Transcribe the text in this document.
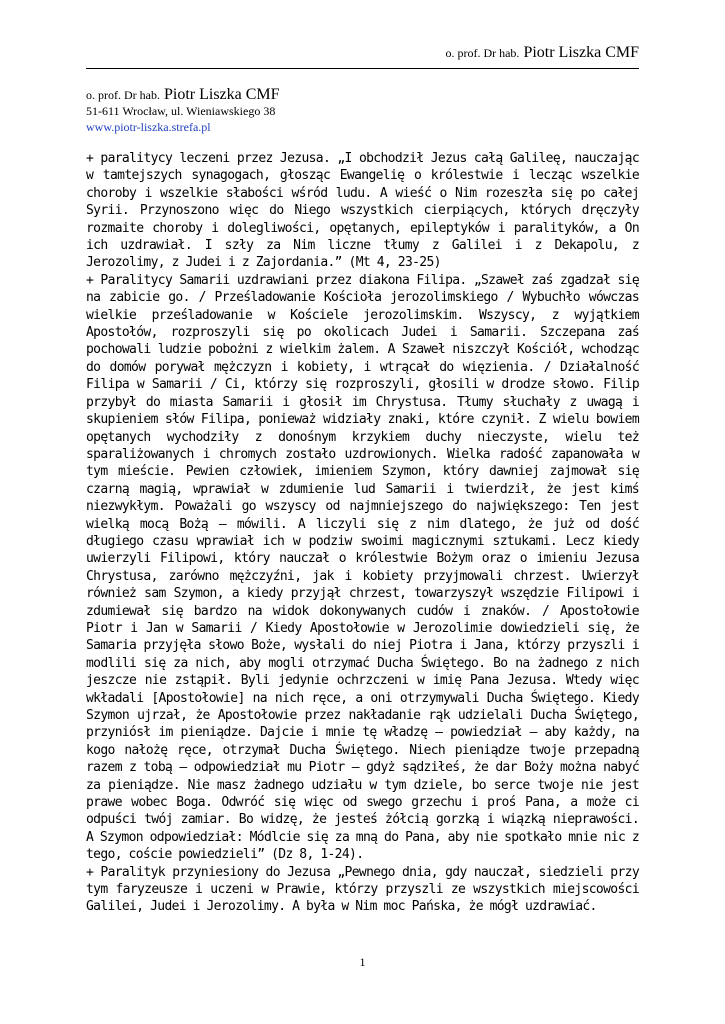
o. prof. Dr hab. Piotr Liszka CMF
o. prof. Dr hab. Piotr Liszka CMF
51-611 Wrocław, ul. Wieniawskiego 38
www.piotr-liszka.strefa.pl

+ paralitycy leczeni przez Jezusa. „I obchodził Jezus całą Galileę, nauczając w tamtejszych synagogach, głosząc Ewangelię o królestwie i lecząc wszelkie choroby i wszelkie słabości wśród ludu. A wieść o Nim rozeszła się po całej Syrii. Przynoszono więc do Niego wszystkich cierpiących, których dręczyły rozmaite choroby i dolegliwości, opętanych, epileptyków i paralityków, a On ich uzdrawiał. I szły za Nim liczne tłumy z Galilei i z Dekapolu, z Jerozolimy, z Judei i z Zajordania.” (Mt 4, 23-25)

+ Paralitycy Samarii uzdrawiani przez diakona Filipa. „Szaweł zaś zgadzał się na zabicie go. / Prześladowanie Kościoła jerozolimskiego / Wybuchło wówczas wielkie prześladowanie w Kościele jerozolimskim. Wszyscy, z wyjątkiem Apostołów, rozproszyli się po okolicach Judei i Samarii. Szczepana zaś pochowali ludzie pobożni z wielkim żalem. A Szaweł niszczył Kościół, wchodząc do domów porywał mężczyzn i kobiety, i wtrącał do więzienia. / Działalność Filipa w Samarii / Ci, którzy się rozproszyli, głosili w drodze słowo. Filip przybył do miasta Samarii i głosił im Chrystusa. Tłumy słuchały z uwagą i skupieniem słów Filipa, ponieważ widziały znaki, które czynił. Z wielu bowiem opętanych wychodziły z donośnym krzykiem duchy nieczyste, wielu też sparaliżowanych i chromych zostało uzdrowionych. Wielka radość zapanowała w tym mieście. Pewien człowiek, imieniem Szymon, który dawniej zajmował się czarną magią, wprawiał w zdumienie lud Samarii i twierdził, że jest kimś niezwykłym. Poważali go wszyscy od najmniejszego do największego: Ten jest wielką mocą Bożą – mówili. A liczyli się z nim dlatego, że już od dość długiego czasu wprawiał ich w podziw swoimi magicznymi sztukami. Lecz kiedy uwierzyli Filipowi, który nauczał o królestwie Bożym oraz o imieniu Jezusa Chrystusa, zarówno mężczyźni, jak i kobiety przyjmowali chrzest. Uwierzył również sam Szymon, a kiedy przyjął chrzest, towarzyszył wszędzie Filipowi i zdumiewał się bardzo na widok dokonywanych cudów i znaków. / Apostołowie Piotr i Jan w Samarii / Kiedy Apostołowie w Jerozolimie dowiedzieli się, że Samaria przyjęła słowo Boże, wysłali do niej Piotra i Jana, którzy przyszli i modlili się za nich, aby mogli otrzymać Ducha Świętego. Bo na żadnego z nich jeszcze nie zstąpił. Byli jedynie ochrzczeni w imię Pana Jezusa. Wtedy więc wkładali [Apostołowie] na nich ręce, a oni otrzymywali Ducha Świętego. Kiedy Szymon ujrzał, że Apostołowie przez nakładanie rąk udzielali Ducha Świętego, przyniósł im pieniądze. Dajcie i mnie tę władzę – powiedział – aby każdy, na kogo nałożę ręce, otrzymał Ducha Świętego. Niech pieniądze twoje przepadną razem z tobą – odpowiedział mu Piotr – gdyż sądziłeś, że dar Boży można nabyć za pieniądze. Nie masz żadnego udziału w tym dziele, bo serce twoje nie jest prawe wobec Boga. Odwróć się więc od swego grzechu i proś Pana, a może ci odpuści twój zamiar. Bo widzę, że jesteś żółcią gorzką i wiązką nieprawości. A Szymon odpowiedział: Módlcie się za mną do Pana, aby nie spotkało mnie nic z tego, coście powiedzieli” (Dz 8, 1-24).

+ Paralityk przyniesiony do Jezusa „Pewnego dnia, gdy nauczał, siedzieli przy tym faryzeusze i uczeni w Prawie, którzy przyszli ze wszystkich miejscowości Galilei, Judei i Jerozolimy. A była w Nim moc Pańska, że mógł uzdrawiać.

1
